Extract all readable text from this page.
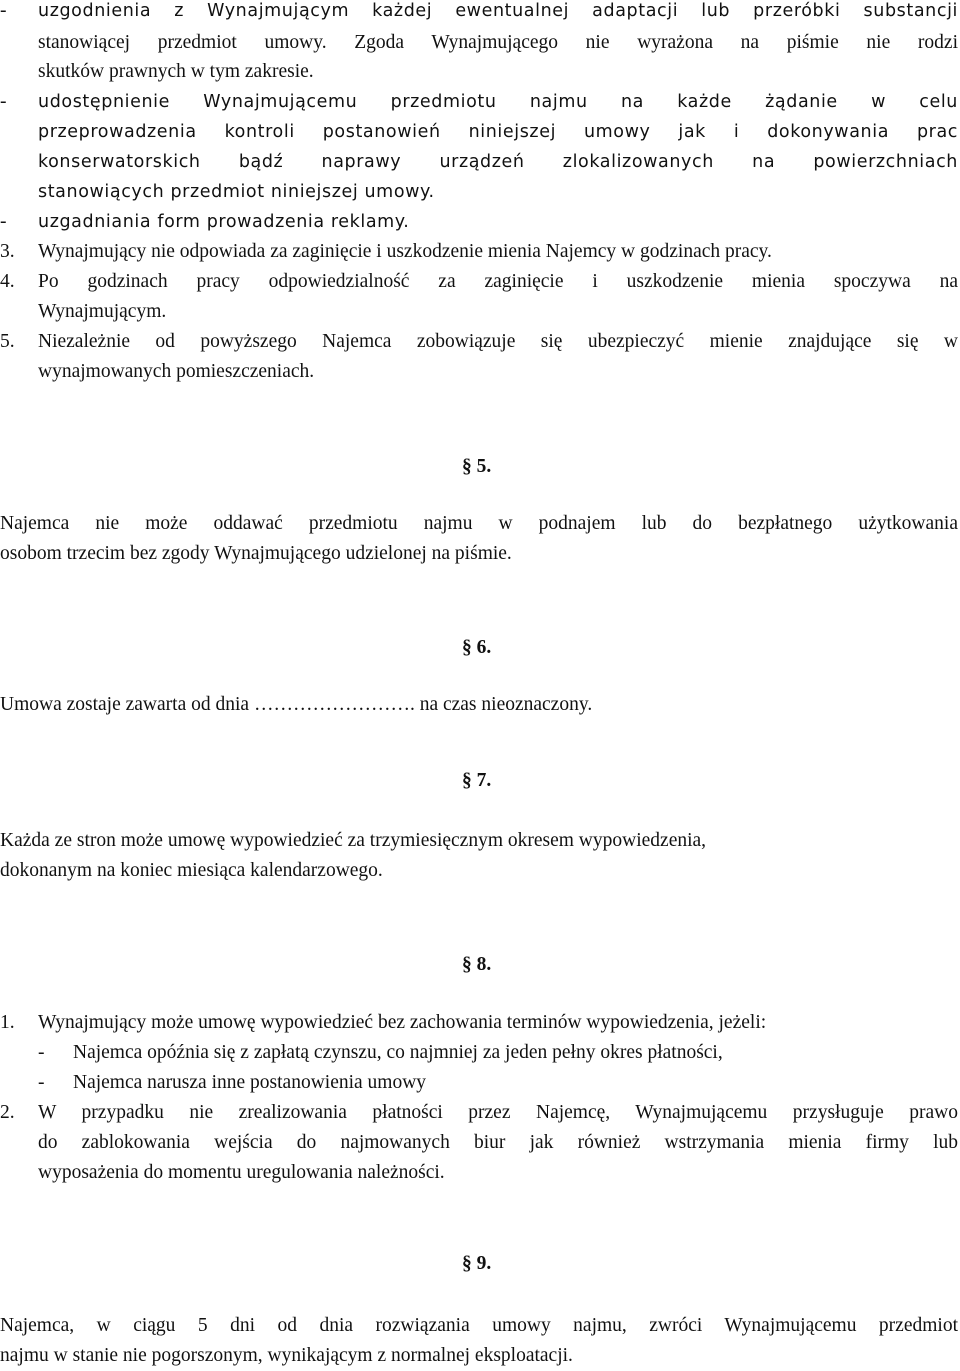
- uzgodnienia z Wynajmującym każdej ewentualnej adaptacji lub przeróbki substancji
stanowiącej przedmiot umowy. Zgoda Wynajmującego nie wyrażona na piśmie nie rodzi
skutków prawnych w tym zakresie.
- udostępnienie Wynajmującemu przedmiotu najmu na każde żądanie w celu
przeprowadzenia kontroli postanowień niniejszej umowy jak i dokonywania prac
konserwatorskich bądź naprawy urządzeń zlokalizowanych na powierzchniach
stanowiących przedmiot niniejszej umowy.
- uzgadniania form prowadzenia reklamy.
3. Wynajmujący nie odpowiada za zaginięcie i uszkodzenie mienia Najemcy w godzinach pracy.
4. Po godzinach pracy odpowiedzialność za zaginięcie i uszkodzenie mienia spoczywa na
Wynajmującym.
5. Niezależnie od powyższego Najemca zobowiązuje się ubezpieczyć mienie znajdujące się w
wynajmowanych pomieszczeniach.
§ 5.
Najemca nie może oddawać przedmiotu najmu w podnajem lub do bezpłatnego użytkowania
osobom trzecim bez zgody Wynajmującego udzielonej na piśmie.
§ 6.
Umowa zostaje zawarta od dnia ……………………. na czas nieoznaczony.
§ 7.
Każda ze stron może umowę wypowiedzieć za trzymiesięcznym okresem wypowiedzenia,
dokonanym na koniec miesiąca kalendarzowego.
§ 8.
1. Wynajmujący może umowę wypowiedzieć bez zachowania terminów wypowiedzenia, jeżeli:
- Najemca opóźnia się z zapłatą czynszu, co najmniej za jeden pełny okres płatności,
- Najemca narusza inne postanowienia umowy
2. W przypadku nie zrealizowania płatności przez Najemcę, Wynajmującemu przysługuje prawo
do zablokowania wejścia do najmowanych biur jak również wstrzymania mienia firmy lub
wyposażenia do momentu uregulowania należności.
§ 9.
Najemca, w ciągu 5 dni od dnia rozwiązania umowy najmu, zwróci Wynajmującemu przedmiot
najmu w stanie nie pogorszonym, wynikającym z normalnej eksploatacji.
